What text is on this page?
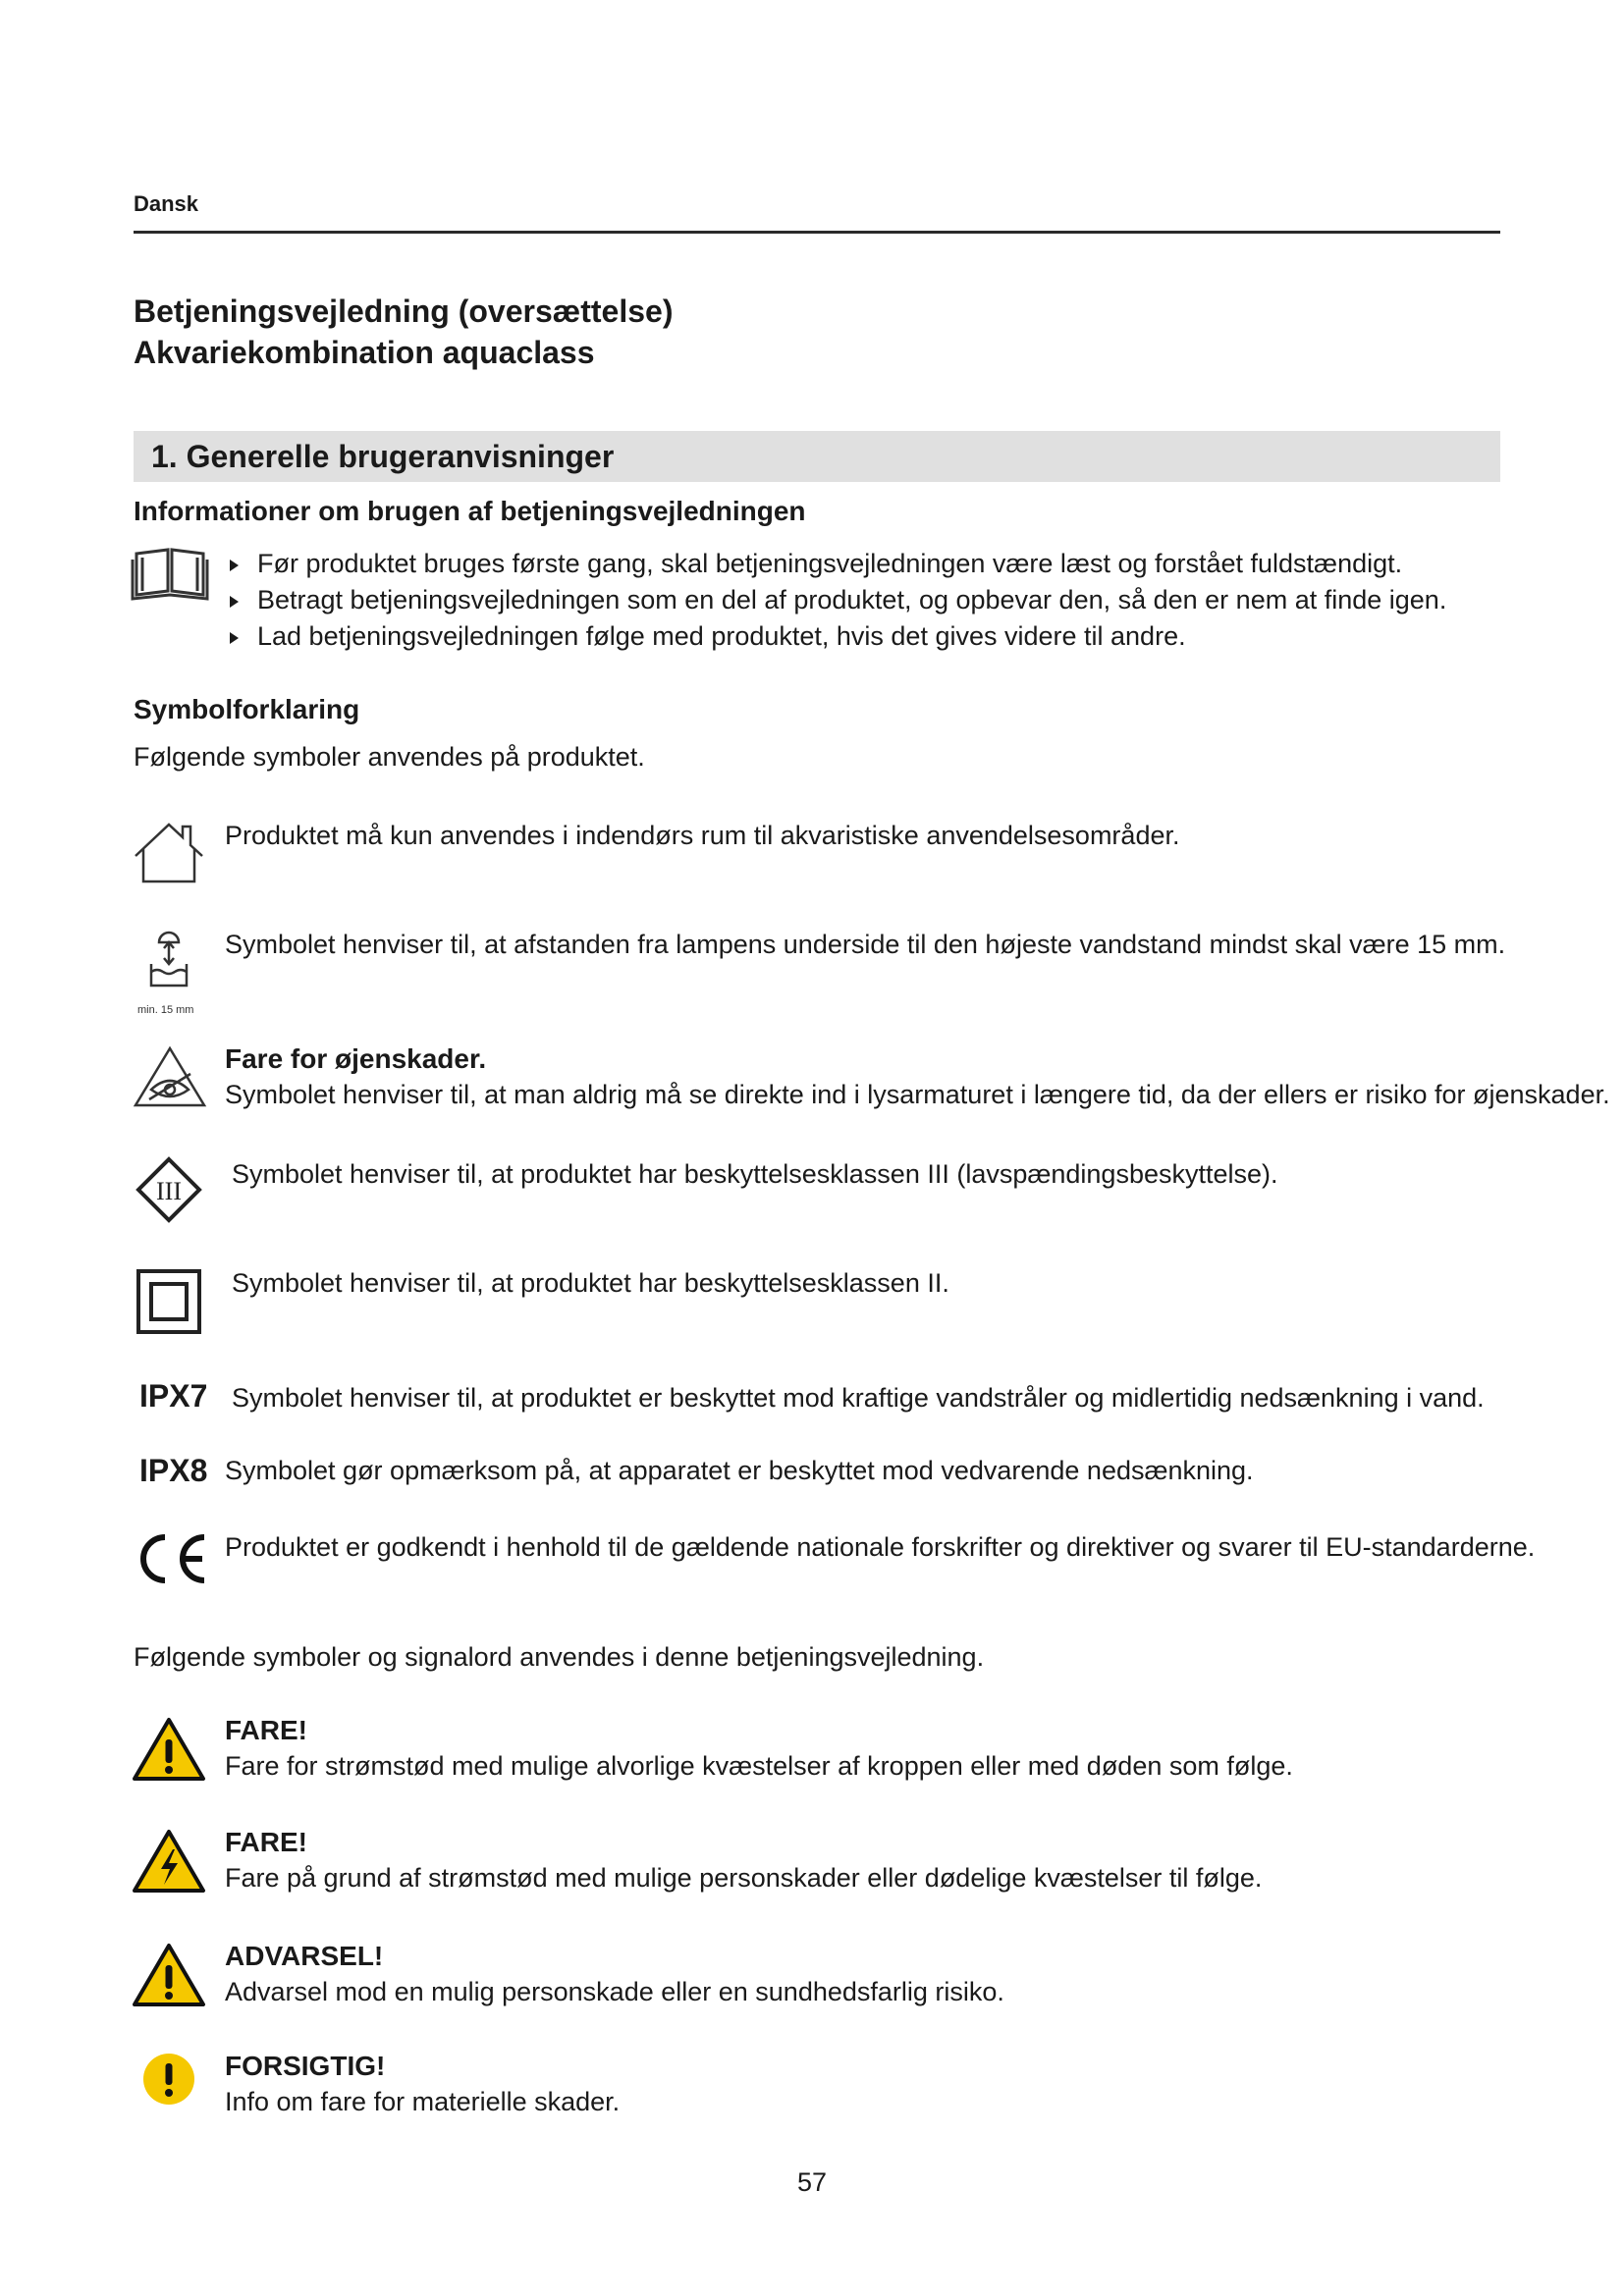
Dansk
Betjeningsvejledning (oversættelse)
Akvariekombination aquaclass
1. Generelle brugeranvisninger
Informationer om brugen af betjeningsvejledningen
Før produktet bruges første gang, skal betjeningsvejledningen være læst og forstået fuldstændigt.
Betragt betjeningsvejledningen som en del af produktet, og opbevar den, så den er nem at finde igen.
Lad betjeningsvejledningen følge med produktet, hvis det gives videre til andre.
Symbolforklaring
Følgende symboler anvendes på produktet.
Produktet må kun anvendes i indendørs rum til akvaristiske anvendelsesområder.
min. 15 mm
Symbolet henviser til, at afstanden fra lampens underside til den højeste vandstand mindst skal være 15 mm.
Fare for øjenskader.
Symbolet henviser til, at man aldrig må se direkte ind i lysarmaturet i længere tid, da der ellers er risiko for øjenskader.
III
Symbolet henviser til, at produktet har beskyttelsesklassen III (lavspændingsbeskyttelse).
Symbolet henviser til, at produktet har beskyttelsesklassen II.
IPX7 Symbolet henviser til, at produktet er beskyttet mod kraftige vandstråler og midlertidig nedsænkning i vand.
IPX8 Symbolet gør opmærksom på, at apparatet er beskyttet mod vedvarende nedsænkning.
Produktet er godkendt i henhold til de gældende nationale forskrifter og direktiver og svarer til EU-standarderne.
Følgende symboler og signalord anvendes i denne betjeningsvejledning.
FARE!
Fare for strømstød med mulige alvorlige kvæstelser af kroppen eller med døden som følge.
FARE!
Fare på grund af strømstød med mulige personskader eller dødelige kvæstelser til følge.
ADVARSEL!
Advarsel mod en mulig personskade eller en sundhedsfarlig risiko.
FORSIGTIG!
Info om fare for materielle skader.
57
